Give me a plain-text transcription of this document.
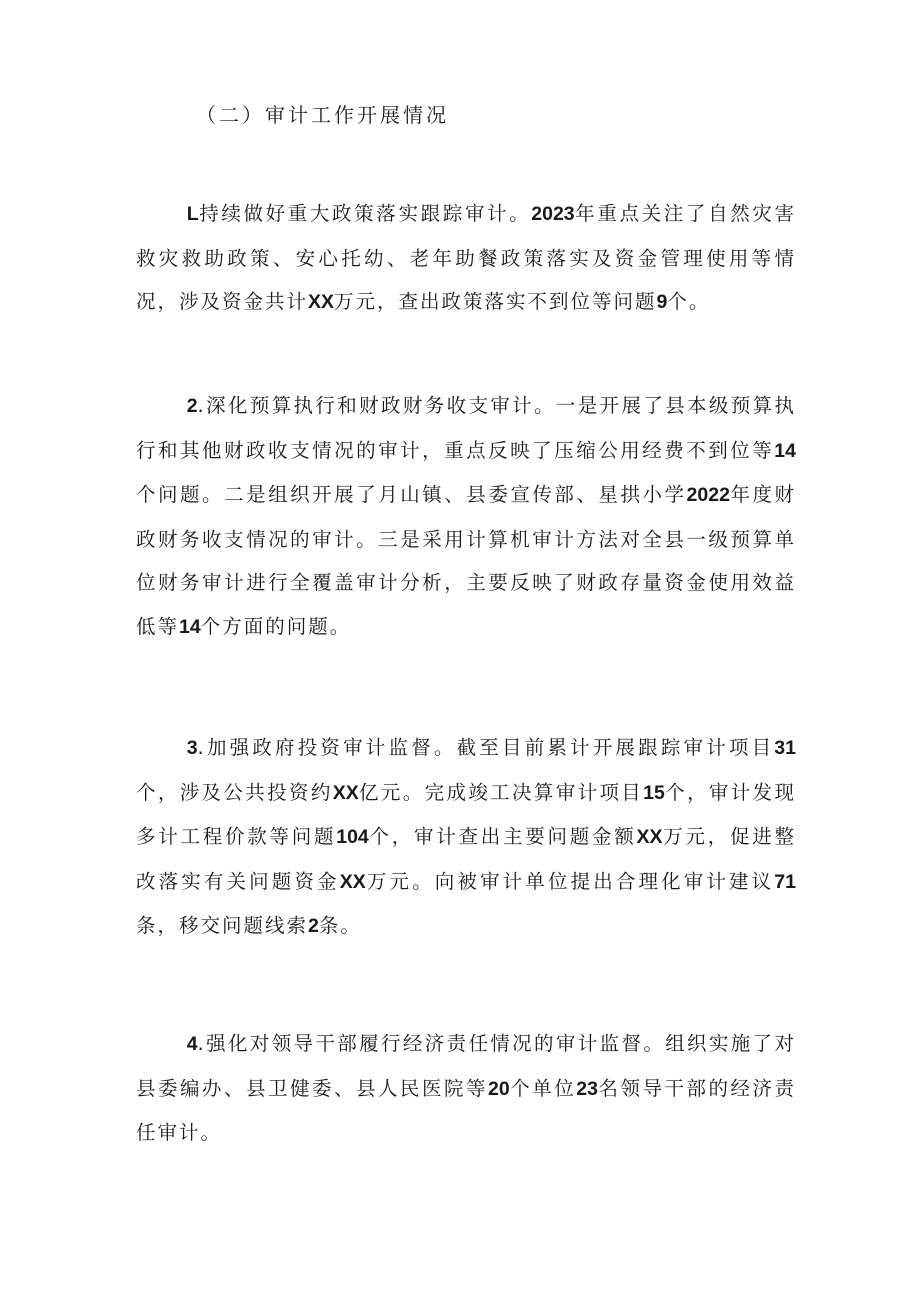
（二）审计工作开展情况
L持续做好重大政策落实跟踪审计。2023年重点关注了自然灾害救灾救助政策、安心托幼、老年助餐政策落实及资金管理使用等情况，涉及资金共计XX万元，查出政策落实不到位等问题9个。
2.深化预算执行和财政财务收支审计。一是开展了县本级预算执行和其他财政收支情况的审计，重点反映了压缩公用经费不到位等14个问题。二是组织开展了月山镇、县委宣传部、星拱小学2022年度财政财务收支情况的审计。三是采用计算机审计方法对全县一级预算单位财务审计进行全覆盖审计分析，主要反映了财政存量资金使用效益低等14个方面的问题。
3.加强政府投资审计监督。截至目前累计开展跟踪审计项目31个，涉及公共投资约XX亿元。完成竣工决算审计项目15个，审计发现多计工程价款等问题104个，审计查出主要问题金额XX万元，促进整改落实有关问题资金XX万元。向被审计单位提出合理化审计建议71条，移交问题线索2条。
4.强化对领导干部履行经济责任情况的审计监督。组织实施了对县委编办、县卫健委、县人民医院等20个单位23名领导干部的经济责任审计。
